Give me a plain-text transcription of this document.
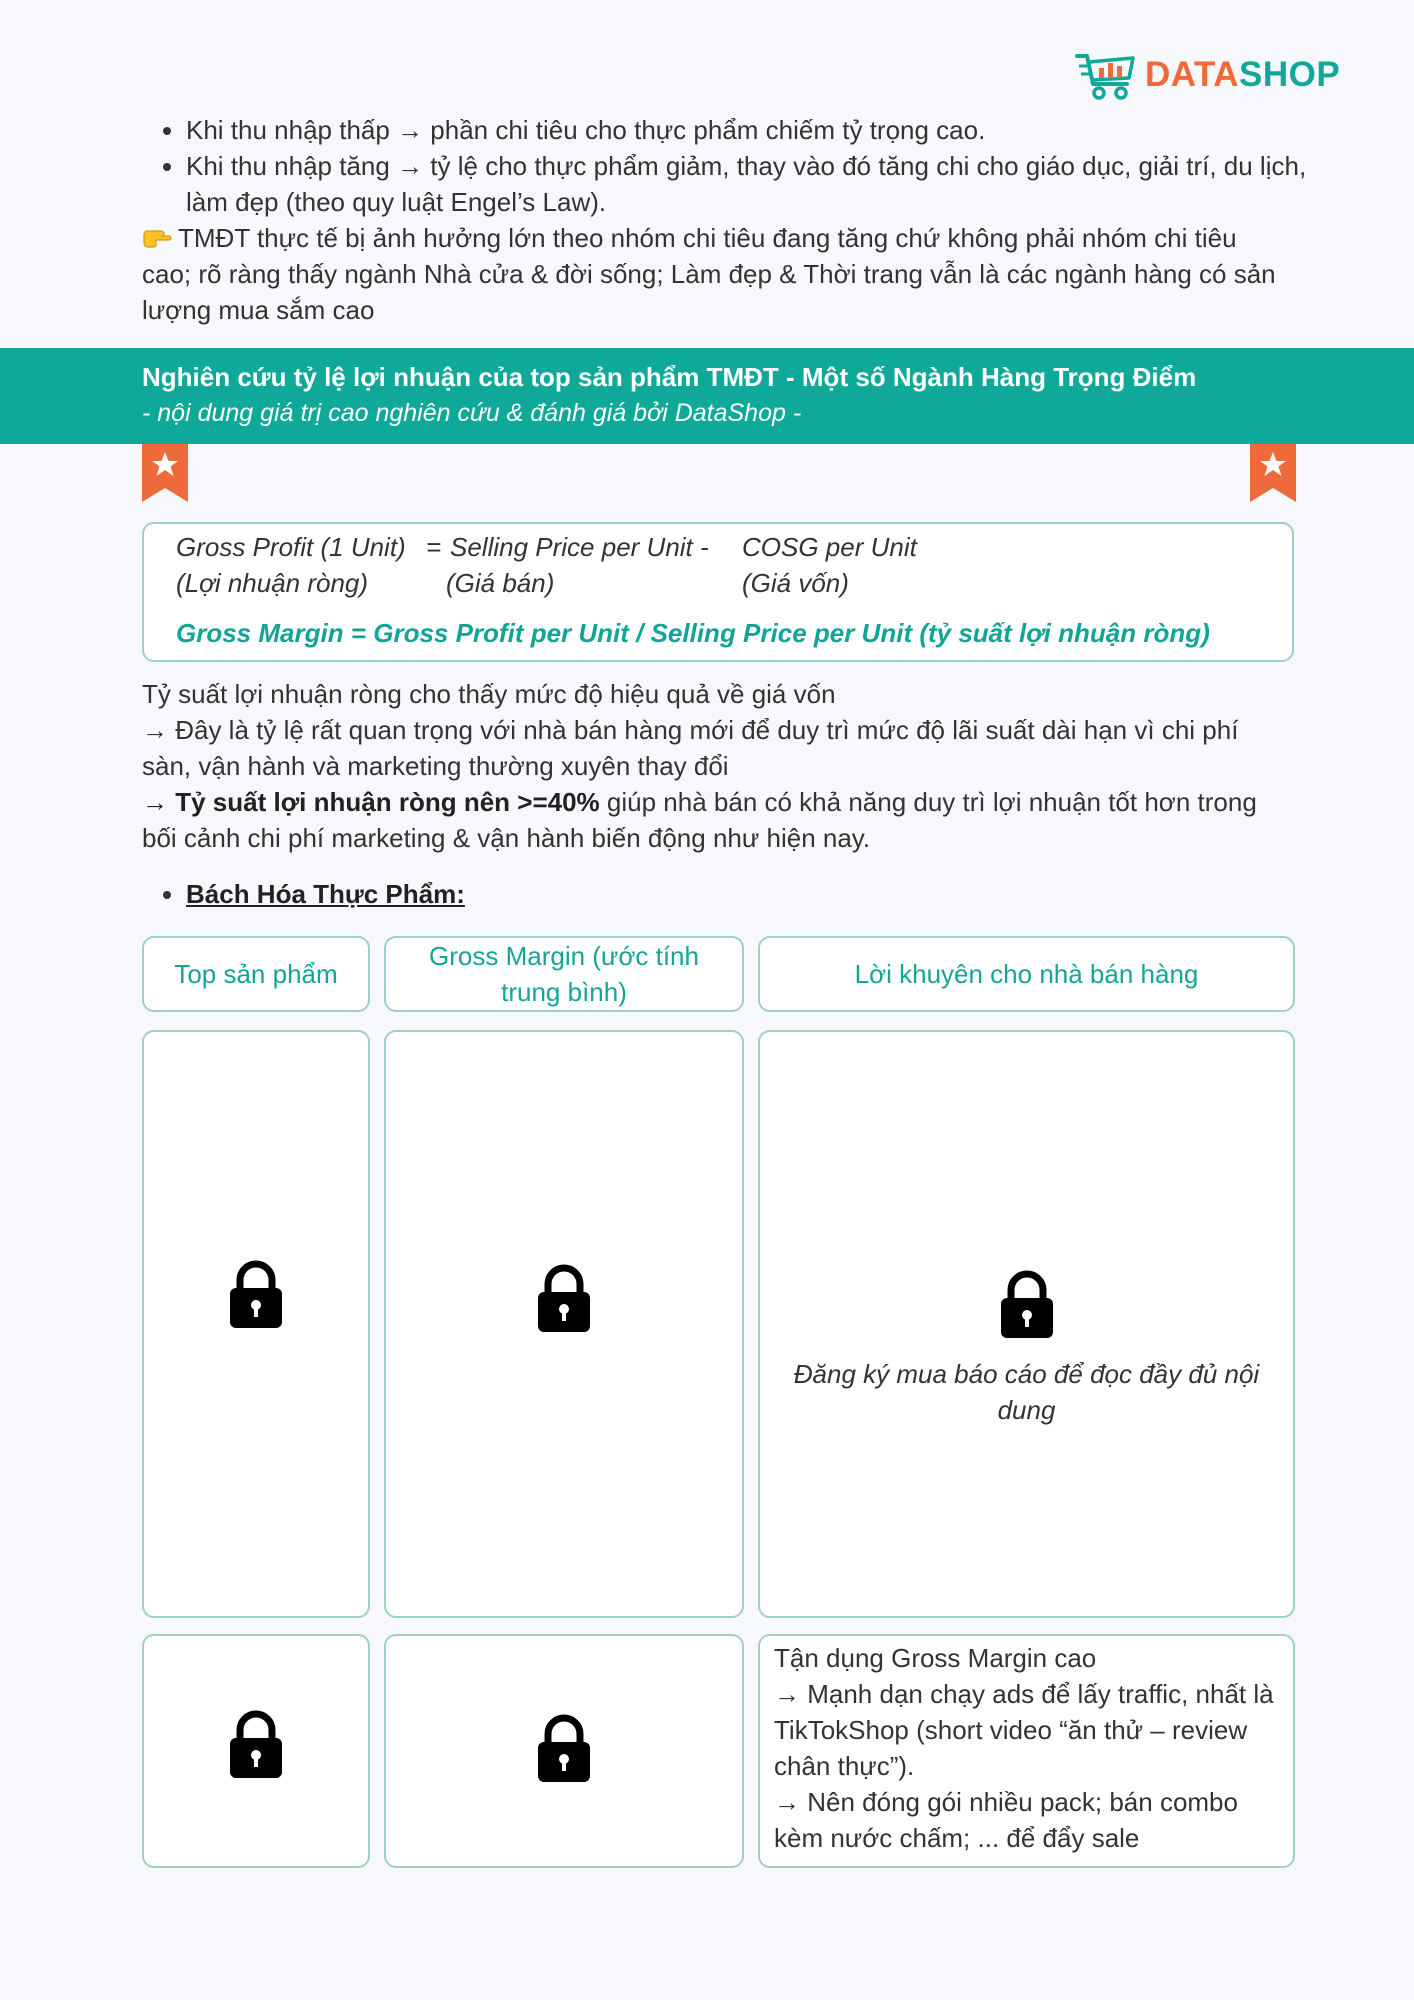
DATASHOP
• Khi thu nhập thấp → phần chi tiêu cho thực phẩm chiếm tỷ trọng cao.
• Khi thu nhập tăng → tỷ lệ cho thực phẩm giảm, thay vào đó tăng chi cho giáo dục, giải trí, du lịch, làm đẹp (theo quy luật Engel’s Law).
TMĐT thực tế bị ảnh hưởng lớn theo nhóm chi tiêu đang tăng chứ không phải nhóm chi tiêu cao; rõ ràng thấy ngành Nhà cửa & đời sống; Làm đẹp & Thời trang vẫn là các ngành hàng có sản lượng mua sắm cao
Nghiên cứu tỷ lệ lợi nhuận của top sản phẩm TMĐT - Một số Ngành Hàng Trọng Điểm
- nội dung giá trị cao nghiên cứu & đánh giá bởi DataShop -
Gross Profit (1 Unit) = Selling Price per Unit - COSG per Unit
(Lợi nhuận ròng)	(Giá bán)	(Giá vốn)
Gross Margin = Gross Profit per Unit / Selling Price per Unit (tỷ suất lợi nhuận ròng)

Tỷ suất lợi nhuận ròng cho thấy mức độ hiệu quả về giá vốn

→ Đây là tỷ lệ rất quan trọng với nhà bán hàng mới để duy trì mức độ lãi suất dài hạn vì chi phí sàn, vận hành và marketing thường xuyên thay đổi

→ Tỷ suất lợi nhuận ròng nên >=40% giúp nhà bán có khả năng duy trì lợi nhuận tốt hơn trong bối cảnh chi phí marketing & vận hành biến động như hiện nay.

• Bách Hóa Thực Phẩm:
Top sản phẩm
Gross Margin (ước tính trung bình)
Lời khuyên cho nhà bán hàng
Đăng ký mua báo cáo để đọc đầy đủ nội dung

Tận dụng Gross Margin cao

→ Mạnh dạn chạy ads để lấy traffic, nhất là TikTokShop (short video “ăn thử – review chân thực”).

→ Nên đóng gói nhiều pack; bán combo kèm nước chấm; ... để đẩy sale
